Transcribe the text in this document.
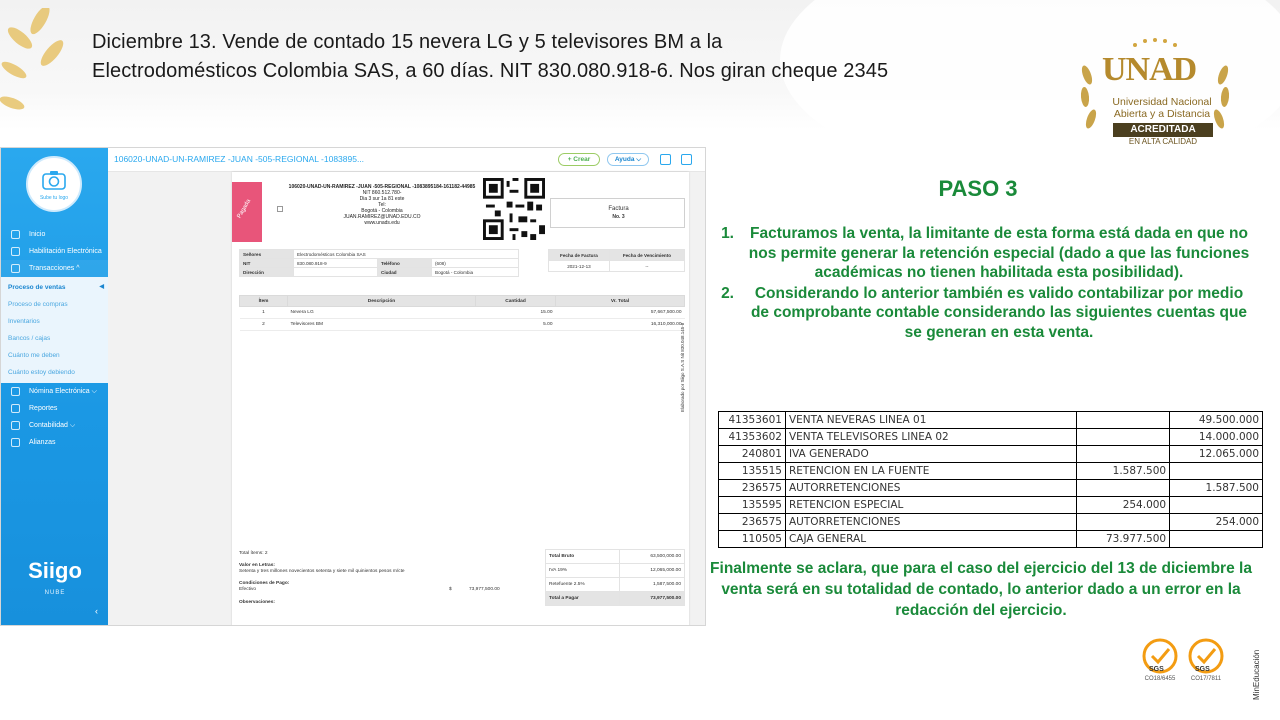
Diciembre 13. Vende de contado 15 nevera LG y 5 televisores BM a la
Electrodomésticos Colombia SAS, a 60 días. NIT 830.080.918-6. Nos giran cheque 2345	UNAD
Universidad Nacional
Abierta y a Distancia
ACREDITADA
EN ALTA CALIDAD
Sube tu logo
Inicio
Habilitación Electrónica
Transacciones ^
Proceso de ventas ◀
Proceso de compras
Inventarios
Bancos / cajas
Cuánto me deben
Cuánto estoy debiendo
Nómina Electrónica ⌵
Reportes
Contabilidad ⌵
Alianzas
Siigo
NUBE
‹
106020-UNAD-UN-RAMIREZ -JUAN -505-REGIONAL -1083895...	+ Crear	Ayuda ⌵
Pagada
106020-UNAD-UN-RAMIREZ -JUAN -505-REGIONAL -1083895184-161182-44985
NIT 860.512.780-
Dia 3 sur 1a 81 este
Tel:
Bogotá - Colombia
JUAN.RAMIREZ@UNAD.EDU.CO
www.unads.edu
Factura
No. 3
Señores	Electrodomésticos Colombia SAS		
NIT	830.080.918-9	Teléfono	(608)
Dirección		Ciudad	Bogotá - Colombia
Fecha de Factura	Fecha de Vencimiento
2021-12-13	--
Ítem	Descripción	Cantidad	Vr. Total
1	Nevera LG	15.00	57,667,500.00
2	Televisores BM	5.00	16,310,000.00
Elaborado por Siigo S.A.S Nit 830.048.145-8
Total ítems: 2
Valor en Letras:
Setenta y tres millones novecientos setenta y siete mil quinientos pesos m/cte
Condiciones de Pago:
Efectivo	$	73,977,500.00
Observaciones:
Total Bruto	63,500,000.00
IVA 19%	12,065,000.00
Retefuente 2.5%	1,587,500.00
Total a Pagar	73,977,500.00
PASO 3
1.	Facturamos la venta, la limitante de esta forma está dada en que no nos permite generar la retención especial (dado a que las funciones académicas no tienen habilitada esta posibilidad).
2.	Considerando lo anterior también es valido contabilizar por medio de comprobante contable considerando las siguientes cuentas que se generan en esta venta.
41353601	VENTA NEVERAS LINEA 01		49.500.000
41353602	VENTA TELEVISORES LINEA 02		14.000.000
240801	IVA GENERADO		12.065.000
135515	RETENCION EN LA FUENTE	1.587.500	
236575	AUTORRETENCIONES		1.587.500
135595	RETENCION ESPECIAL	254.000	
236575	AUTORRETENCIONES		254.000
110505	CAJA GENERAL	73.977.500	
Finalmente se aclara, que para el caso del ejercicio del 13 de diciembre la venta será en su totalidad de contado, lo anterior dado a un error en la redacción del ejercicio.
SGS
CO18/6455
SGS
CO17/7811	MinEducación
